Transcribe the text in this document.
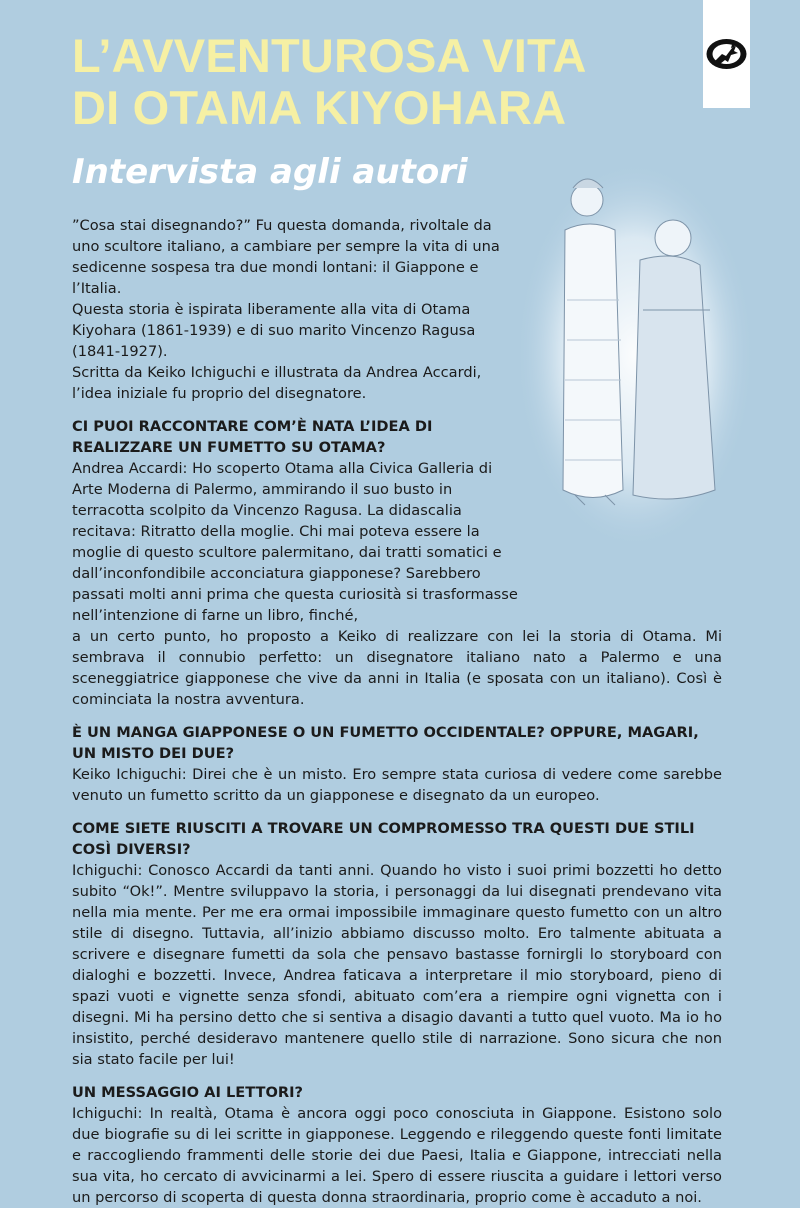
L’AVVENTUROSA VITA
DI OTAMA KIYOHARA
Intervista agli autori

”Cosa stai disegnando?” Fu questa domanda, rivoltale da uno scultore italiano, a cambiare per sempre la vita di una sedicenne sospesa tra due mondi lontani: il Giappone e l’Italia.

Questa storia è ispirata liberamente alla vita di Otama Kiyohara (1861-1939) e di suo marito Vincenzo Ragusa (1841-1927).

Scritta da Keiko Ichiguchi e illustrata da Andrea Accardi, l’idea iniziale fu proprio del disegnatore.

CI PUOI RACCONTARE COM’È NATA L’IDEA DI REALIZZARE UN FUMETTO SU OTAMA?

Andrea Accardi: Ho scoperto Otama alla Civica Galleria di Arte Moderna di Palermo, ammirando il suo busto in terracotta scolpito da Vincenzo Ragusa. La didascalia recitava: Ritratto della moglie. Chi mai poteva essere la moglie di questo scultore palermitano, dai tratti somatici e dall’inconfondibile acconciatura giapponese? Sarebbero passati molti anni prima che questa curiosità si trasformasse nell’intenzione di farne un libro, finché,

a un certo punto, ho proposto a Keiko di realizzare con lei la storia di Otama. Mi sembrava il connubio perfetto: un disegnatore italiano nato a Palermo e una sceneggiatrice giapponese che vive da anni in Italia (e sposata con un italiano). Così è cominciata la nostra avventura.

È UN MANGA GIAPPONESE O UN FUMETTO OCCIDENTALE? OPPURE, MAGARI, UN MISTO DEI DUE?

Keiko Ichiguchi: Direi che è un misto. Ero sempre stata curiosa di vedere come sarebbe venuto un fumetto scritto da un giapponese e disegnato da un europeo.

COME SIETE RIUSCITI A TROVARE UN COMPROMESSO TRA QUESTI DUE STILI COSÌ DIVERSI?

Ichiguchi: Conosco Accardi da tanti anni. Quando ho visto i suoi primi bozzetti ho detto subito “Ok!”. Mentre sviluppavo la storia, i personaggi da lui disegnati prendevano vita nella mia mente. Per me era ormai impossibile immaginare questo fumetto con un altro stile di disegno. Tuttavia, all’inizio abbiamo discusso molto. Ero talmente abituata a scrivere e disegnare fumetti da sola che pensavo bastasse fornirgli lo storyboard con dialoghi e bozzetti. Invece, Andrea faticava a interpretare il mio storyboard, pieno di spazi vuoti e vignette senza sfondi, abituato com’era a riempire ogni vignetta con i disegni. Mi ha persino detto che si sentiva a disagio davanti a tutto quel vuoto. Ma io ho insistito, perché desideravo mantenere quello stile di narrazione. Sono sicura che non sia stato facile per lui!

UN MESSAGGIO AI LETTORI?

Ichiguchi: In realtà, Otama è ancora oggi poco conosciuta in Giappone. Esistono solo due biografie su di lei scritte in giapponese. Leggendo e rileggendo queste fonti limitate e raccogliendo frammenti delle storie dei due Paesi, Italia e Giappone, intrecciati nella sua vita, ho cercato di avvicinarmi a lei. Spero di essere riuscita a guidare i lettori verso un percorso di scoperta di questa donna straordinaria, proprio come è accaduto a noi.
